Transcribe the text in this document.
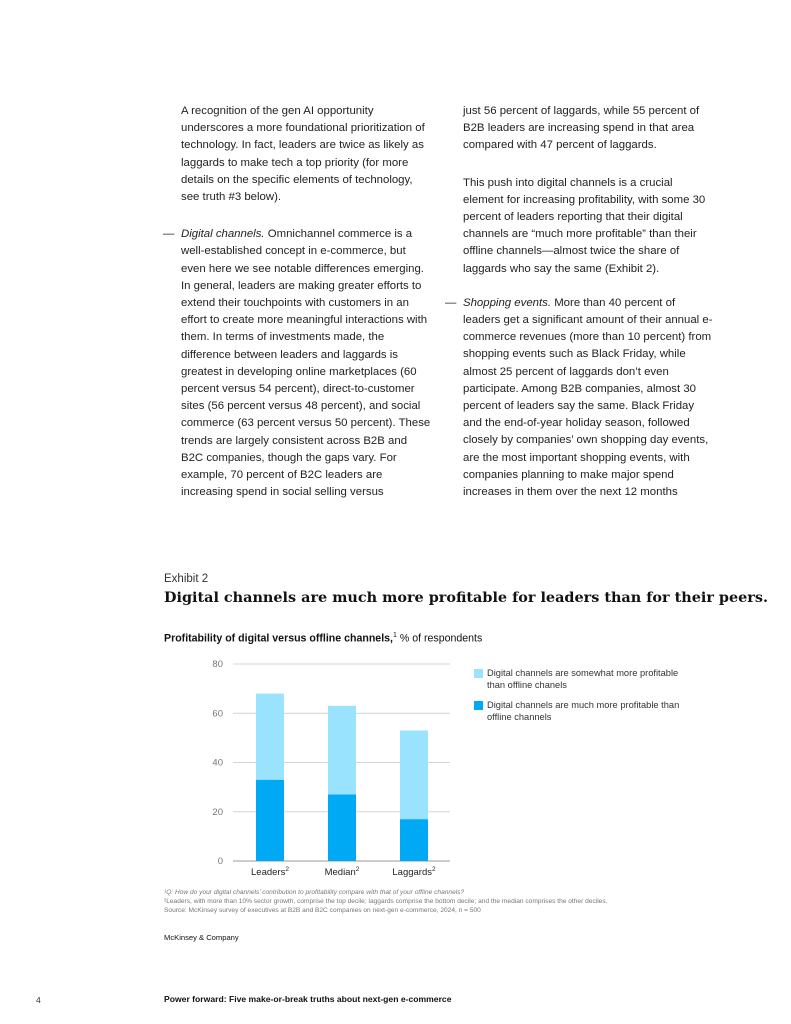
A recognition of the gen AI opportunity underscores a more foundational prioritization of technology. In fact, leaders are twice as likely as laggards to make tech a top priority (for more details on the specific elements of technology, see truth #3 below).

— Digital channels. Omnichannel commerce is a well-established concept in e-commerce, but even here we see notable differences emerging. In general, leaders are making greater efforts to extend their touchpoints with customers in an effort to create more meaningful interactions with them. In terms of investments made, the difference between leaders and laggards is greatest in developing online marketplaces (60 percent versus 54 percent), direct-to-customer sites (56 percent versus 48 percent), and social commerce (63 percent versus 50 percent). These trends are largely consistent across B2B and B2C companies, though the gaps vary. For example, 70 percent of B2C leaders are increasing spend in social selling versus

just 56 percent of laggards, while 55 percent of B2B leaders are increasing spend in that area compared with 47 percent of laggards.

This push into digital channels is a crucial element for increasing profitability, with some 30 percent of leaders reporting that their digital channels are “much more profitable” than their offline channels—almost twice the share of laggards who say the same (Exhibit 2).

— Shopping events. More than 40 percent of leaders get a significant amount of their annual e-commerce revenues (more than 10 percent) from shopping events such as Black Friday, while almost 25 percent of laggards don’t even participate. Among B2B companies, almost 30 percent of leaders say the same. Black Friday and the end-of-year holiday season, followed closely by companies’ own shopping day events, are the most important shopping events, with companies planning to make major spend increases in them over the next 12 months

Exhibit 2
Digital channels are much more profitable for leaders than for their peers.
Profitability of digital versus offline channels,$^1$ % of respondents
0
20
40
60
80
Leaders$^2$	Median$^2$	Laggards$^2$
Digital channels are somewhat more profitable than offline chanels
Digital channels are much more profitable than offline channels
¹Q: How do your digital channels’ contribution to profitability compare with that of your offline channels?
²Leaders, with more than 10% sector growth, comprise the top decile; laggards comprise the bottom decile; and the median comprises the other deciles.
Source: McKinsey survey of executives at B2B and B2C companies on next-gen e-commerce, 2024, n = 500
McKinsey & Company
4	Power forward: Five make-or-break truths about next-gen e-commerce
